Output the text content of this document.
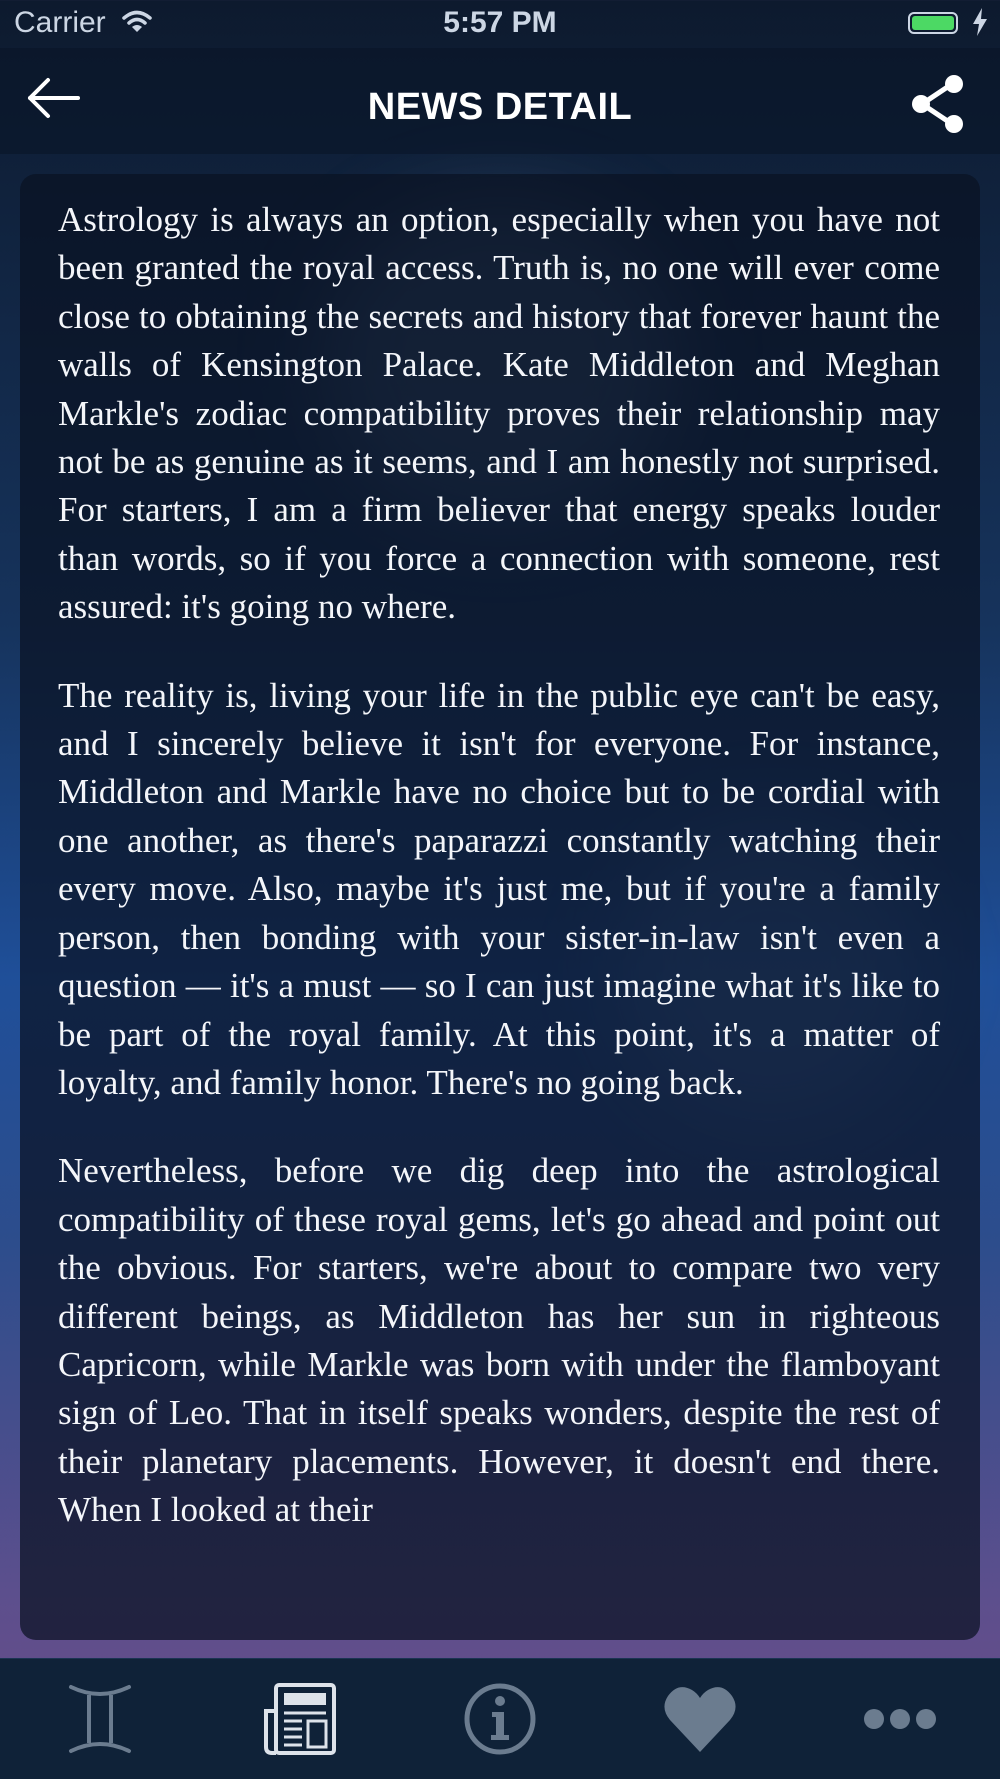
Carrier	5:57 PM
NEWS DETAIL

Astrology is always an option, especially when you have not been granted the royal access. Truth is, no one will ever come close to obtaining the secrets and history that forever haunt the walls of Kensington Palace. Kate Middleton and Meghan Markle's zodiac compatibility proves their relationship may not be as genuine as it seems, and I am honestly not surprised. For starters, I am a firm believer that energy speaks louder than words, so if you force a connection with someone, rest assured: it's going no where.

The reality is, living your life in the public eye can't be easy, and I sincerely believe it isn't for everyone. For instance, Middleton and Markle have no choice but to be cordial with one another, as there's paparazzi constantly watching their every move. Also, maybe it's just me, but if you're a family person, then bonding with your sister-in-law isn't even a question — it's a must — so I can just imagine what it's like to be part of the royal family. At this point, it's a matter of loyalty, and family honor. There's no going back.

Nevertheless, before we dig deep into the astrological compatibility of these royal gems, let's go ahead and point out the obvious. For starters, we're about to compare two very different beings, as Middleton has her sun in righteous Capricorn, while Markle was born with under the flamboyant sign of Leo. That in itself speaks wonders, despite the rest of their planetary placements. However, it doesn't end there. When I looked at their
